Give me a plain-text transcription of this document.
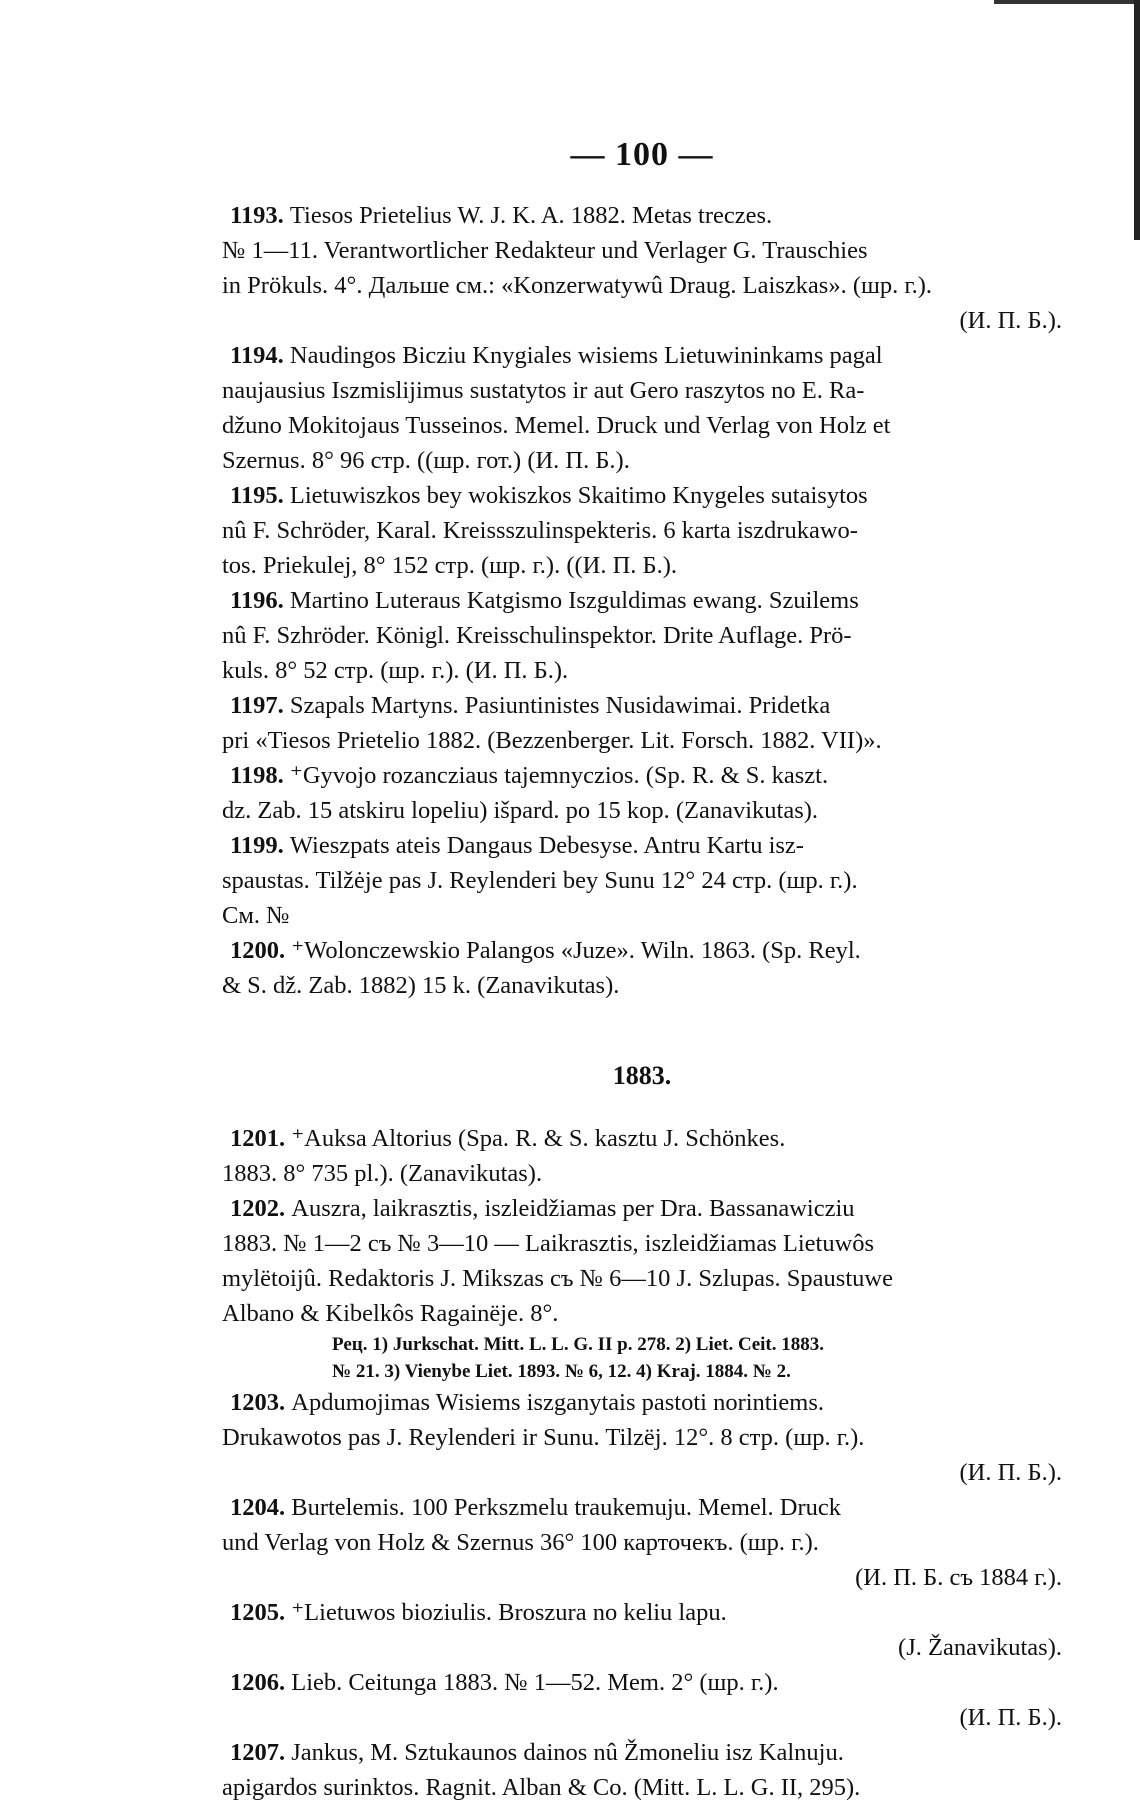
— 100 —

1193. Tiesos Prietelius W. J. K. A. 1882. Metas treczes.
№ 1—11. Verantwortlicher Redakteur und Verlager G. Trauschies
in Prökuls. 4°. Дальше см.: «Konzerwatywû Draug. Laiszkas». (шр. г.).
(И. П. Б.).

1194. Naudingos Bicziu Knygiales wisiems Lietuwininkams pagal
naujausius Iszmislijimus sustatytos ir aut Gero raszytos no E. Ra-
džuno Mokitojaus Tusseinos. Memel. Druck und Verlag von Holz et
Szernus. 8° 96 стр. ((шр. гот.) (И. П. Б.).

1195. Lietuwiszkos bey wokiszkos Skaitimo Knygeles sutaisytos
nû F. Schröder, Karal. Kreissszulinspekteris. 6 karta iszdrukawo-
tos. Priekulej, 8° 152 стр. (шр. г.). ((И. П. Б.).

1196. Martino Luteraus Katgismo Iszguldimas ewang. Szuilems
nû F. Szhröder. Königl. Kreisschulinspektor. Drite Auflage. Prö-
kuls. 8° 52 стр. (шр. г.). (И. П. Б.).

1197. Szapals Martyns. Pasiuntinistes Nusidawimai. Pridetka
pri «Tiesos Prietelio 1882. (Bezzenberger. Lit. Forsch. 1882. VII)».

1198. ⁺Gyvojo rozancziaus tajemnyczios. (Sp. R. & S. kaszt.
dz. Zab. 15 atskiru lopeliu) išpard. po 15 kop. (Zanavikutas).

1199. Wieszpats ateis Dangaus Debesyse. Antru Kartu isz-
spaustas. Tilžėje pas J. Reylenderi bey Sunu 12° 24 стр. (шр. г.).
См. №

1200. ⁺Wolonczewskio Palangos «Juze». Wiln. 1863. (Sp. Reyl.
& S. dž. Zab. 1882) 15 k. (Zanavikutas).

1883.

1201. ⁺Auksa Altorius (Spa. R. & S. kasztu J. Schönkes.
1883. 8° 735 pl.). (Zanavikutas).

1202. Auszra, laikrasztis, iszleidžiamas per Dra. Bassanawicziu
1883. № 1—2 съ № 3—10 — Laikrasztis, iszleidžiamas Lietuwôs
mylëtoijû. Redaktoris J. Mikszas съ № 6—10 J. Szlupas. Spaustuwe
Albano & Kibelkôs Ragainëje. 8°.

Рец. 1) Jurkschat. Mitt. L. L. G. II p. 278. 2) Liet. Ceit. 1883.
№ 21. 3) Vienybe Liet. 1893. № 6, 12. 4) Kraj. 1884. № 2.

1203. Apdumojimas Wisiems iszganytais pastoti norintiems.
Drukawotos pas J. Reylenderi ir Sunu. Tilzëj. 12°. 8 стр. (шр. г.).
(И. П. Б.).

1204. Burtelemis. 100 Perkszmelu traukemuju. Memel. Druck
und Verlag von Holz & Szernus 36° 100 карточекъ. (шр. г.).
(И. П. Б. съ 1884 г.).

1205. ⁺Lietuwos bioziulis. Broszura no keliu lapu.
(J. Žanavikutas).

1206. Lieb. Ceitunga 1883. № 1—52. Mem. 2° (шр. г.).
(И. П. Б.).

1207. Jankus, M. Sztukaunos dainos nû Žmoneliu isz Kalnuju.
apigardos surinktos. Ragnit. Alban & Co. (Mitt. L. L. G. II, 295).
